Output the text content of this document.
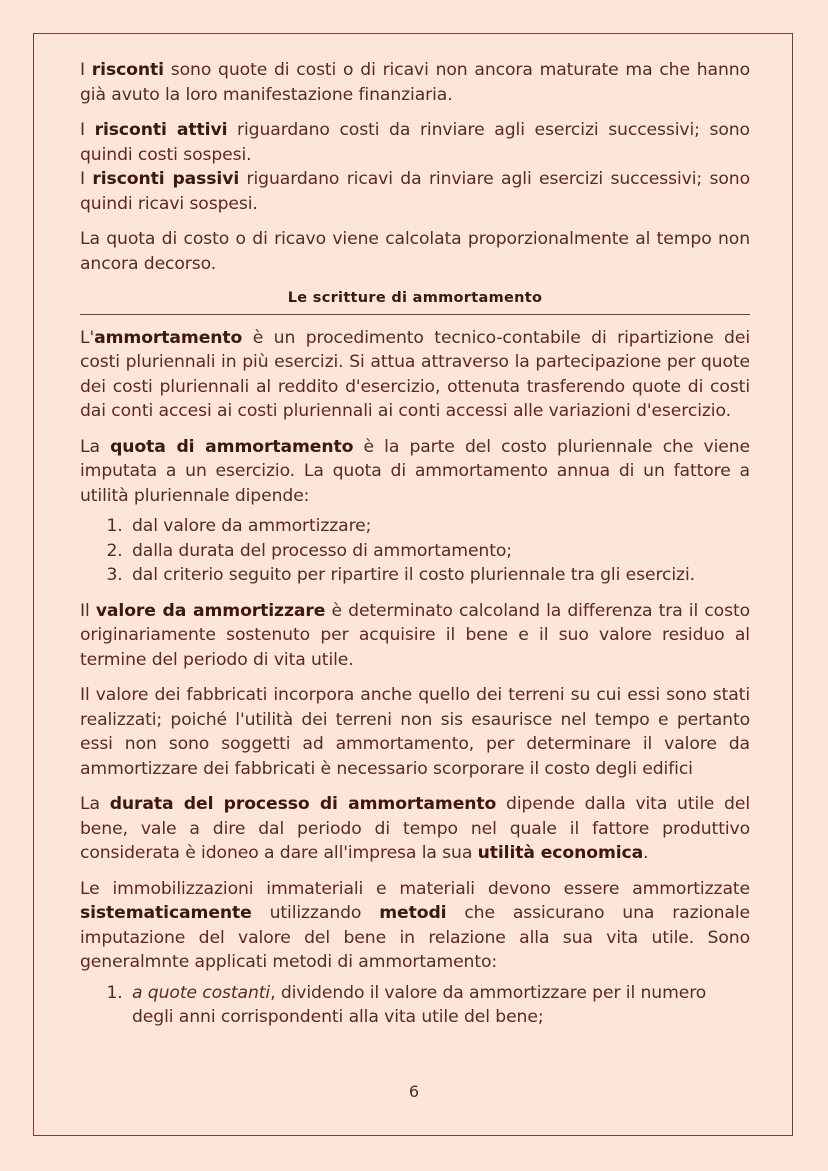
I risconti sono quote di costi o di ricavi non ancora maturate ma che hanno già avuto la loro manifestazione finanziaria.

I risconti attivi riguardano costi da rinviare agli esercizi successivi; sono quindi costi sospesi.

I risconti passivi riguardano ricavi da rinviare agli esercizi successivi; sono quindi ricavi sospesi.

La quota di costo o di ricavo viene calcolata proporzionalmente al tempo non ancora decorso.

Le scritture di ammortamento

L'ammortamento è un procedimento tecnico-contabile di ripartizione dei costi pluriennali in più esercizi. Si attua attraverso la partecipazione per quote dei costi pluriennali al reddito d'esercizio, ottenuta trasferendo quote di costi dai conti accesi ai costi pluriennali ai conti accessi alle variazioni d'esercizio.

La quota di ammortamento è la parte del costo pluriennale che viene imputata a un esercizio. La quota di ammortamento annua di un fattore a utilità pluriennale dipende:

1. dal valore da ammortizzare;
2. dalla durata del processo di ammortamento;
3. dal criterio seguito per ripartire il costo pluriennale tra gli esercizi.

Il valore da ammortizzare è determinato calcoland la differenza tra il costo originariamente sostenuto per acquisire il bene e il suo valore residuo al termine del periodo di vita utile.

Il valore dei fabbricati incorpora anche quello dei terreni su cui essi sono stati realizzati; poiché l'utilità dei terreni non sis esaurisce nel tempo e pertanto essi non sono soggetti ad ammortamento, per determinare il valore da ammortizzare dei fabbricati è necessario scorporare il costo degli edifici

La durata del processo di ammortamento dipende dalla vita utile del bene, vale a dire dal periodo di tempo nel quale il fattore produttivo considerata è idoneo a dare all'impresa la sua utilità economica.

Le immobilizzazioni immateriali e materiali devono essere ammortizzate sistematicamente utilizzando metodi che assicurano una razionale imputazione del valore del bene in relazione alla sua vita utile. Sono generalmnte applicati metodi di ammortamento:

1. a quote costanti, dividendo il valore da ammortizzare per il numero degli anni corrispondenti alla vita utile del bene;
6
